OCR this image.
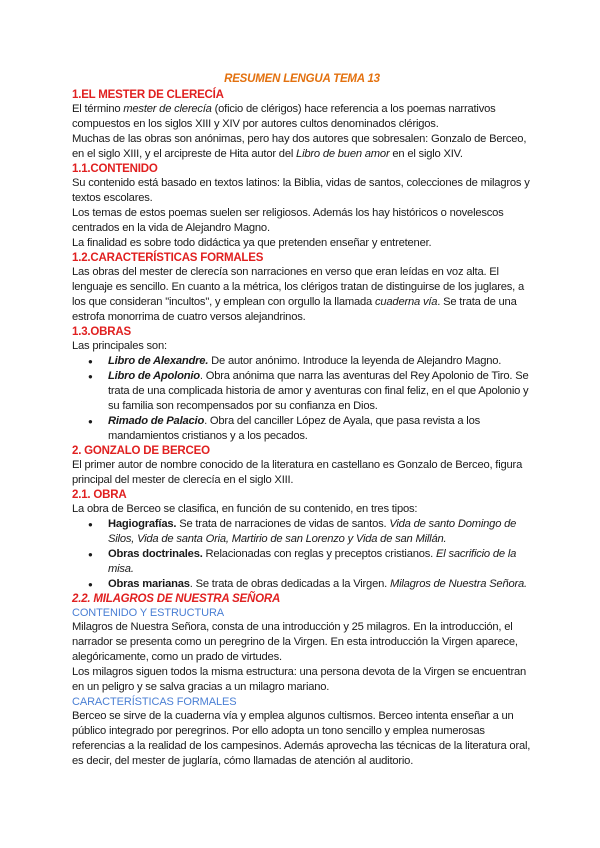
RESUMEN LENGUA TEMA 13
1.EL MESTER DE CLERECÍA

El término mester de clerecía (oficio de clérigos) hace referencia a los poemas narrativos compuestos en los siglos XIII y XIV por autores cultos denominados clérigos.

Muchas de las obras son anónimas, pero hay dos autores que sobresalen: Gonzalo de Berceo, en el siglo XIII, y el arcipreste de Hita autor del Libro de buen amor en el siglo XIV.

1.1.CONTENIDO

Su contenido está basado en textos latinos: la Biblia, vidas de santos, colecciones de milagros y textos escolares.

Los temas de estos poemas suelen ser religiosos. Además los hay históricos o novelescos centrados en la vida de Alejandro Magno.

La finalidad es sobre todo didáctica ya que pretenden enseñar y entretener.

1.2.CARACTERÍSTICAS FORMALES

Las obras del mester de clerecía son narraciones en verso que eran leídas en voz alta. El lenguaje es sencillo. En cuanto a la métrica, los clérigos tratan de distinguirse de los juglares, a los que consideran "incultos", y emplean con orgullo la llamada cuaderna vía. Se trata de una estrofa monorrima de cuatro versos alejandrinos.

1.3.OBRAS

Las principales son:

● Libro de Alexandre. De autor anónimo. Introduce la leyenda de Alejandro Magno.
● Libro de Apolonio. Obra anónima que narra las aventuras del Rey Apolonio de Tiro. Se trata de una complicada historia de amor y aventuras con final feliz, en el que Apolonio y su familia son recompensados por su confianza en Dios.
● Rimado de Palacio. Obra del canciller López de Ayala, que pasa revista a los mandamientos cristianos y a los pecados.
2. GONZALO DE BERCEO

El primer autor de nombre conocido de la literatura en castellano es Gonzalo de Berceo, figura principal del mester de clerecía en el siglo XIII.

2.1. OBRA

La obra de Berceo se clasifica, en función de su contenido, en tres tipos:

● Hagiografías. Se trata de narraciones de vidas de santos. Vida de santo Domingo de Silos, Vida de santa Oria, Martirio de san Lorenzo y Vida de san Millán.
● Obras doctrinales. Relacionadas con reglas y preceptos cristianos. El sacrificio de la misa.
● Obras marianas. Se trata de obras dedicadas a la Virgen. Milagros de Nuestra Señora.
2.2. MILAGROS DE NUESTRA SEÑORA
CONTENIDO Y ESTRUCTURA

Milagros de Nuestra Señora, consta de una introducción y 25 milagros. En la introducción, el narrador se presenta como un peregrino de la Virgen. En esta introducción la Virgen aparece, alegóricamente, como un prado de virtudes.

Los milagros siguen todos la misma estructura: una persona devota de la Virgen se encuentran en un peligro y se salva gracias a un milagro mariano.

CARACTERÍSTICAS FORMALES

Berceo se sirve de la cuaderna vía y emplea algunos cultismos. Berceo intenta enseñar a un público integrado por peregrinos. Por ello adopta un tono sencillo y emplea numerosas referencias a la realidad de los campesinos. Además aprovecha las técnicas de la literatura oral, es decir, del mester de juglaría, cómo llamadas de atención al auditorio.
